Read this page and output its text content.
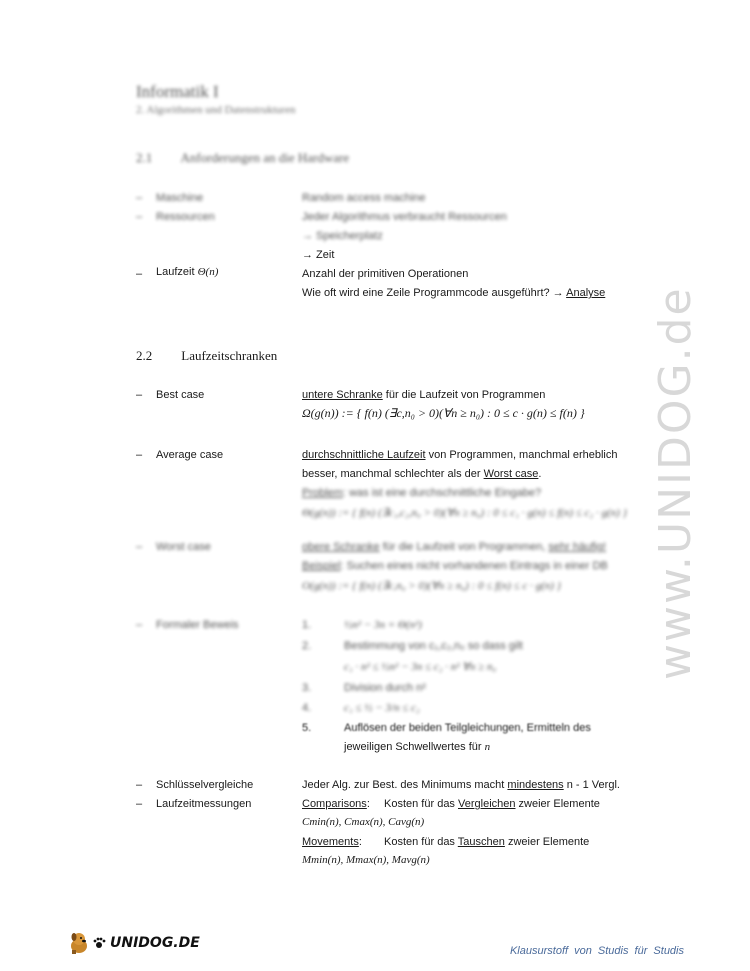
www.UNIDOG.de
Informatik I
2. Algorithmen und Datenstrukturen
2.1 Anforderungen an die Hardware
– Maschine	Random access machine
– Ressourcen	Jeder Algorithmus verbraucht Ressourcen
→ Speicherplatz
→ Zeit
– Laufzeit Θ(n)	Anzahl der primitiven Operationen
Wie oft wird eine Zeile Programmcode ausgeführt? → Analyse
2.2 Laufzeitschranken
– Best case	untere Schranke für die Laufzeit von Programmen
Ω(g(n)) := { f(n) (∃c,n₀ > 0)(∀n ≥ n₀) : 0 ≤ c · g(n) ≤ f(n) }
– Average case	durchschnittliche Laufzeit von Programmen, manchmal erheblich
besser, manchmal schlechter als der Worst case.
Problem: was ist eine durchschnittliche Eingabe?
Θ(g(n)) := { f(n) (∃c₁,c₂,n₀ > 0)(∀n ≥ n₀) : 0 ≤ c₁ · g(n) ≤ f(n) ≤ c₂ · g(n) }
– Worst case	obere Schranke für die Laufzeit von Programmen, sehr häufig!
Beispiel: Suchen eines nicht vorhandenen Eintrags in einer DB
O(g(n)) := { f(n) (∃c,n₀ > 0)(∀n ≥ n₀) : 0 ≤ f(n) ≤ c · g(n) }
– Formaler Beweis	1.	½n² − 3n = Θ(n²)
2.	Bestimmung von c₁,c₂,n₀ so dass gilt
c₁ · n² ≤ ½n² − 3n ≤ c₂ · n² ∀n ≥ n₀
3.	Division durch n²
4.	c₁ ≤ ½ − 3/n ≤ c₂
5.	Auflösen der beiden Teilgleichungen, Ermitteln des
jeweiligen Schwellwertes für n
– Schlüsselvergleiche	Jeder Alg. zur Best. des Minimums macht mindestens n - 1 Vergl.
– Laufzeitmessungen	Comparisons: Kosten für das Vergleichen zweier Elemente
Cmin(n), Cmax(n), Cavg(n)
Movements: Kosten für das Tauschen zweier Elemente
Mmin(n), Mmax(n), Mavg(n)
UNIDOG.DE	Klausurstoff von Studis für Studis
